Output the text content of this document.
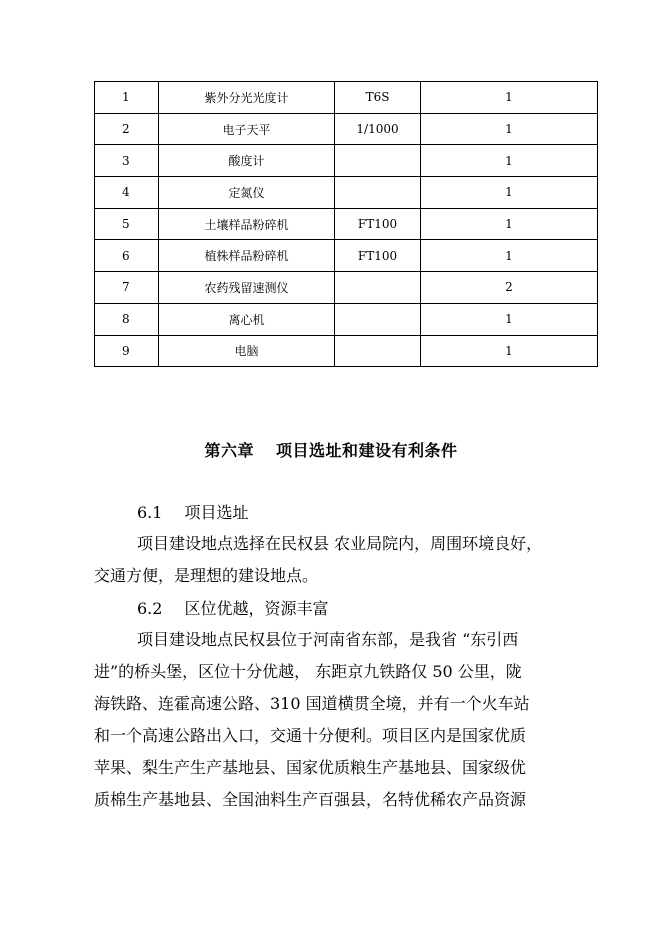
1	紫外分光光度计	T6S	1
2	电子天平	1/1000	1
3	酸度计		1
4	定氮仪		1
5	土壤样品粉碎机	FT100	1
6	植株样品粉碎机	FT100	1
7	农药残留速测仪		2
8	离心机		1
9	电脑		1
第六章 项目选址和建设有利条件
6.1 项目选址
项目建设地点选择在民权县 农业局院内，周围环境良好，
交通方便，是理想的建设地点。
6.2 区位优越，资源丰富
项目建设地点民权县位于河南省东部，是我省 “东引西
进”的桥头堡，区位十分优越， 东距京九铁路仅 50 公里，陇
海铁路、连霍高速公路、310 国道横贯全境，并有一个火车站
和一个高速公路出入口，交通十分便利。项目区内是国家优质
苹果、梨生产生产基地县、国家优质粮生产基地县、国家级优
质棉生产基地县、全国油料生产百强县，名特优稀农产品资源
